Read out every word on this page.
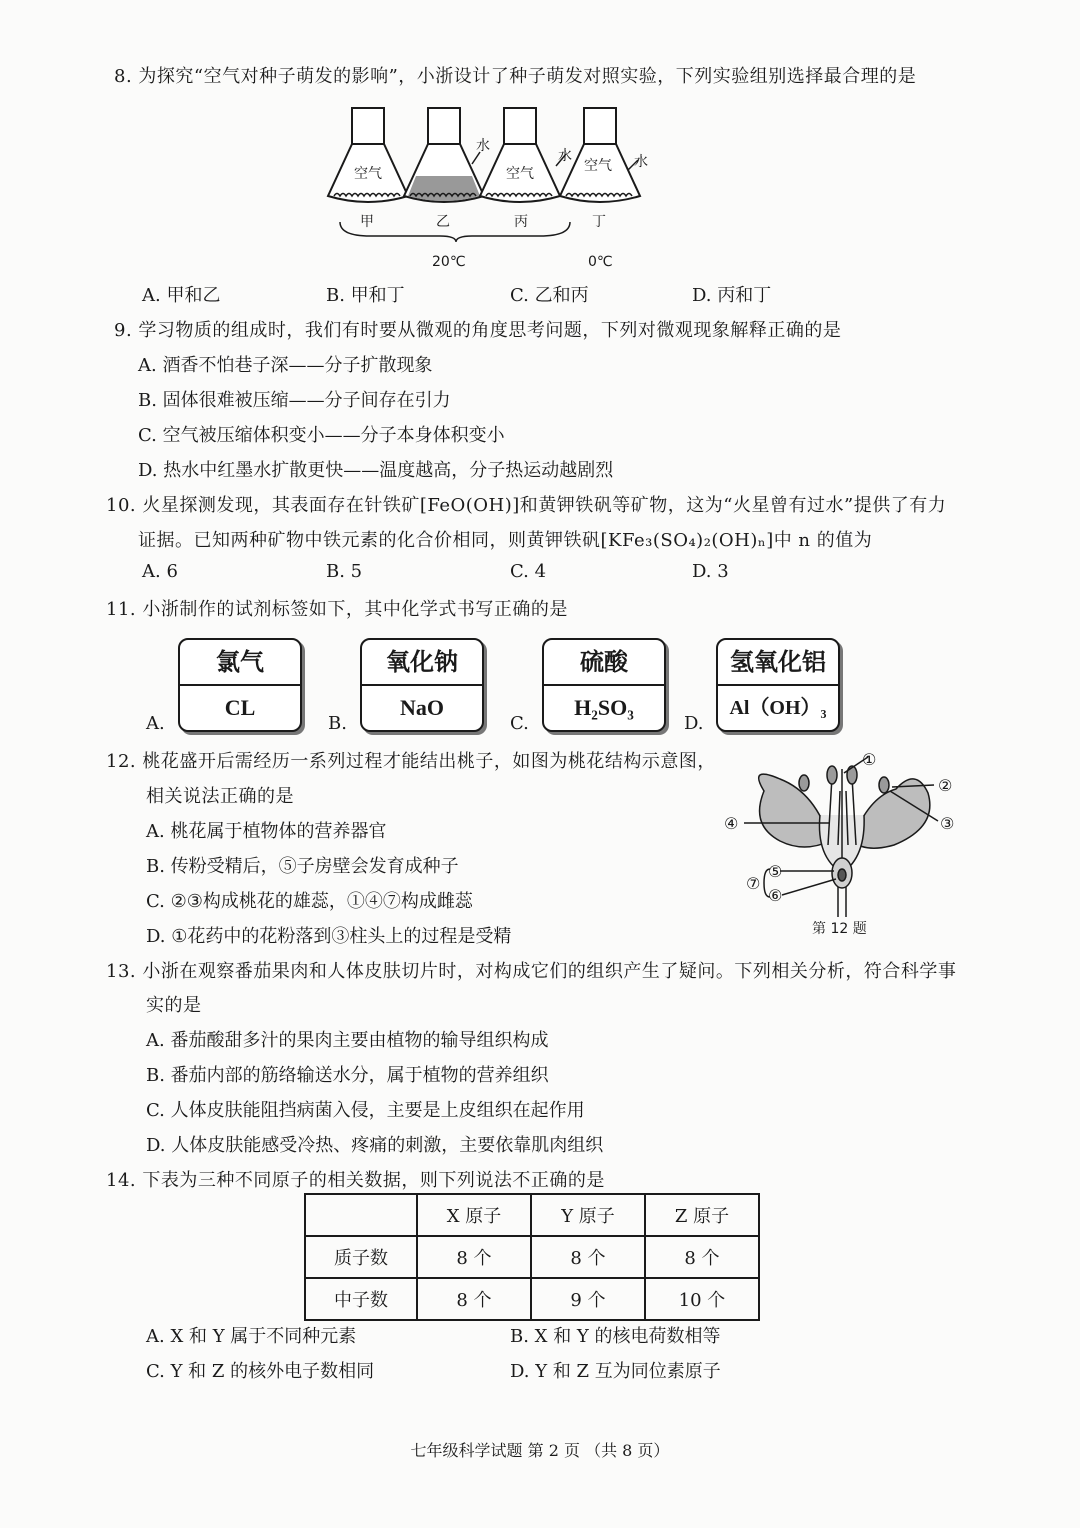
8. 为探究“空气对种子萌发的影响”，小浙设计了种子萌发对照实验，下列实验组别选择最合理的是
空气
水
空气
水
空气 水
甲	乙	丙	丁
20℃	0℃
A. 甲和乙	B. 甲和丁	C. 乙和丙	D. 丙和丁
9. 学习物质的组成时，我们有时要从微观的角度思考问题，下列对微观现象解释正确的是
A. 酒香不怕巷子深——分子扩散现象
B. 固体很难被压缩——分子间存在引力
C. 空气被压缩体积变小——分子本身体积变小
D. 热水中红墨水扩散更快——温度越高，分子热运动越剧烈
10. 火星探测发现，其表面存在针铁矿[FeO(OH)]和黄钾铁矾等矿物，这为“火星曾有过水”提供了有力
证据。已知两种矿物中铁元素的化合价相同，则黄钾铁矾[KFe₃(SO₄)₂(OH)ₙ]中 n 的值为
A. 6	B. 5	C. 4	D. 3
11. 小浙制作的试剂标签如下，其中化学式书写正确的是
A.
氯气
CL
B.
氧化钠
NaO
C.
硫酸
H₂SO₃
D.
氢氧化铝
Al（OH）₃
12. 桃花盛开后需经历一系列过程才能结出桃子，如图为桃花结构示意图，
相关说法正确的是
A. 桃花属于植物体的营养器官
B. 传粉受精后，⑤子房壁会发育成种子
C. ②③构成桃花的雄蕊，①④⑦构成雌蕊
D. ①花药中的花粉落到③柱头上的过程是受精
①
②
③
④
⑤
⑦
⑥
第 12 题
13. 小浙在观察番茄果肉和人体皮肤切片时，对构成它们的组织产生了疑问。下列相关分析，符合科学事
实的是
A. 番茄酸甜多汁的果肉主要由植物的输导组织构成
B. 番茄内部的筋络输送水分，属于植物的营养组织
C. 人体皮肤能阻挡病菌入侵，主要是上皮组织在起作用
D. 人体皮肤能感受冷热、疼痛的刺激，主要依靠肌肉组织
14. 下表为三种不同原子的相关数据，则下列说法不正确的是
	X 原子	Y 原子	Z 原子
质子数	8 个	8 个	8 个
中子数	8 个	9 个	10 个
A. X 和 Y 属于不同种元素	B. X 和 Y 的核电荷数相等
C. Y 和 Z 的核外电子数相同	D. Y 和 Z 互为同位素原子
七年级科学试题 第 2 页 （共 8 页）
